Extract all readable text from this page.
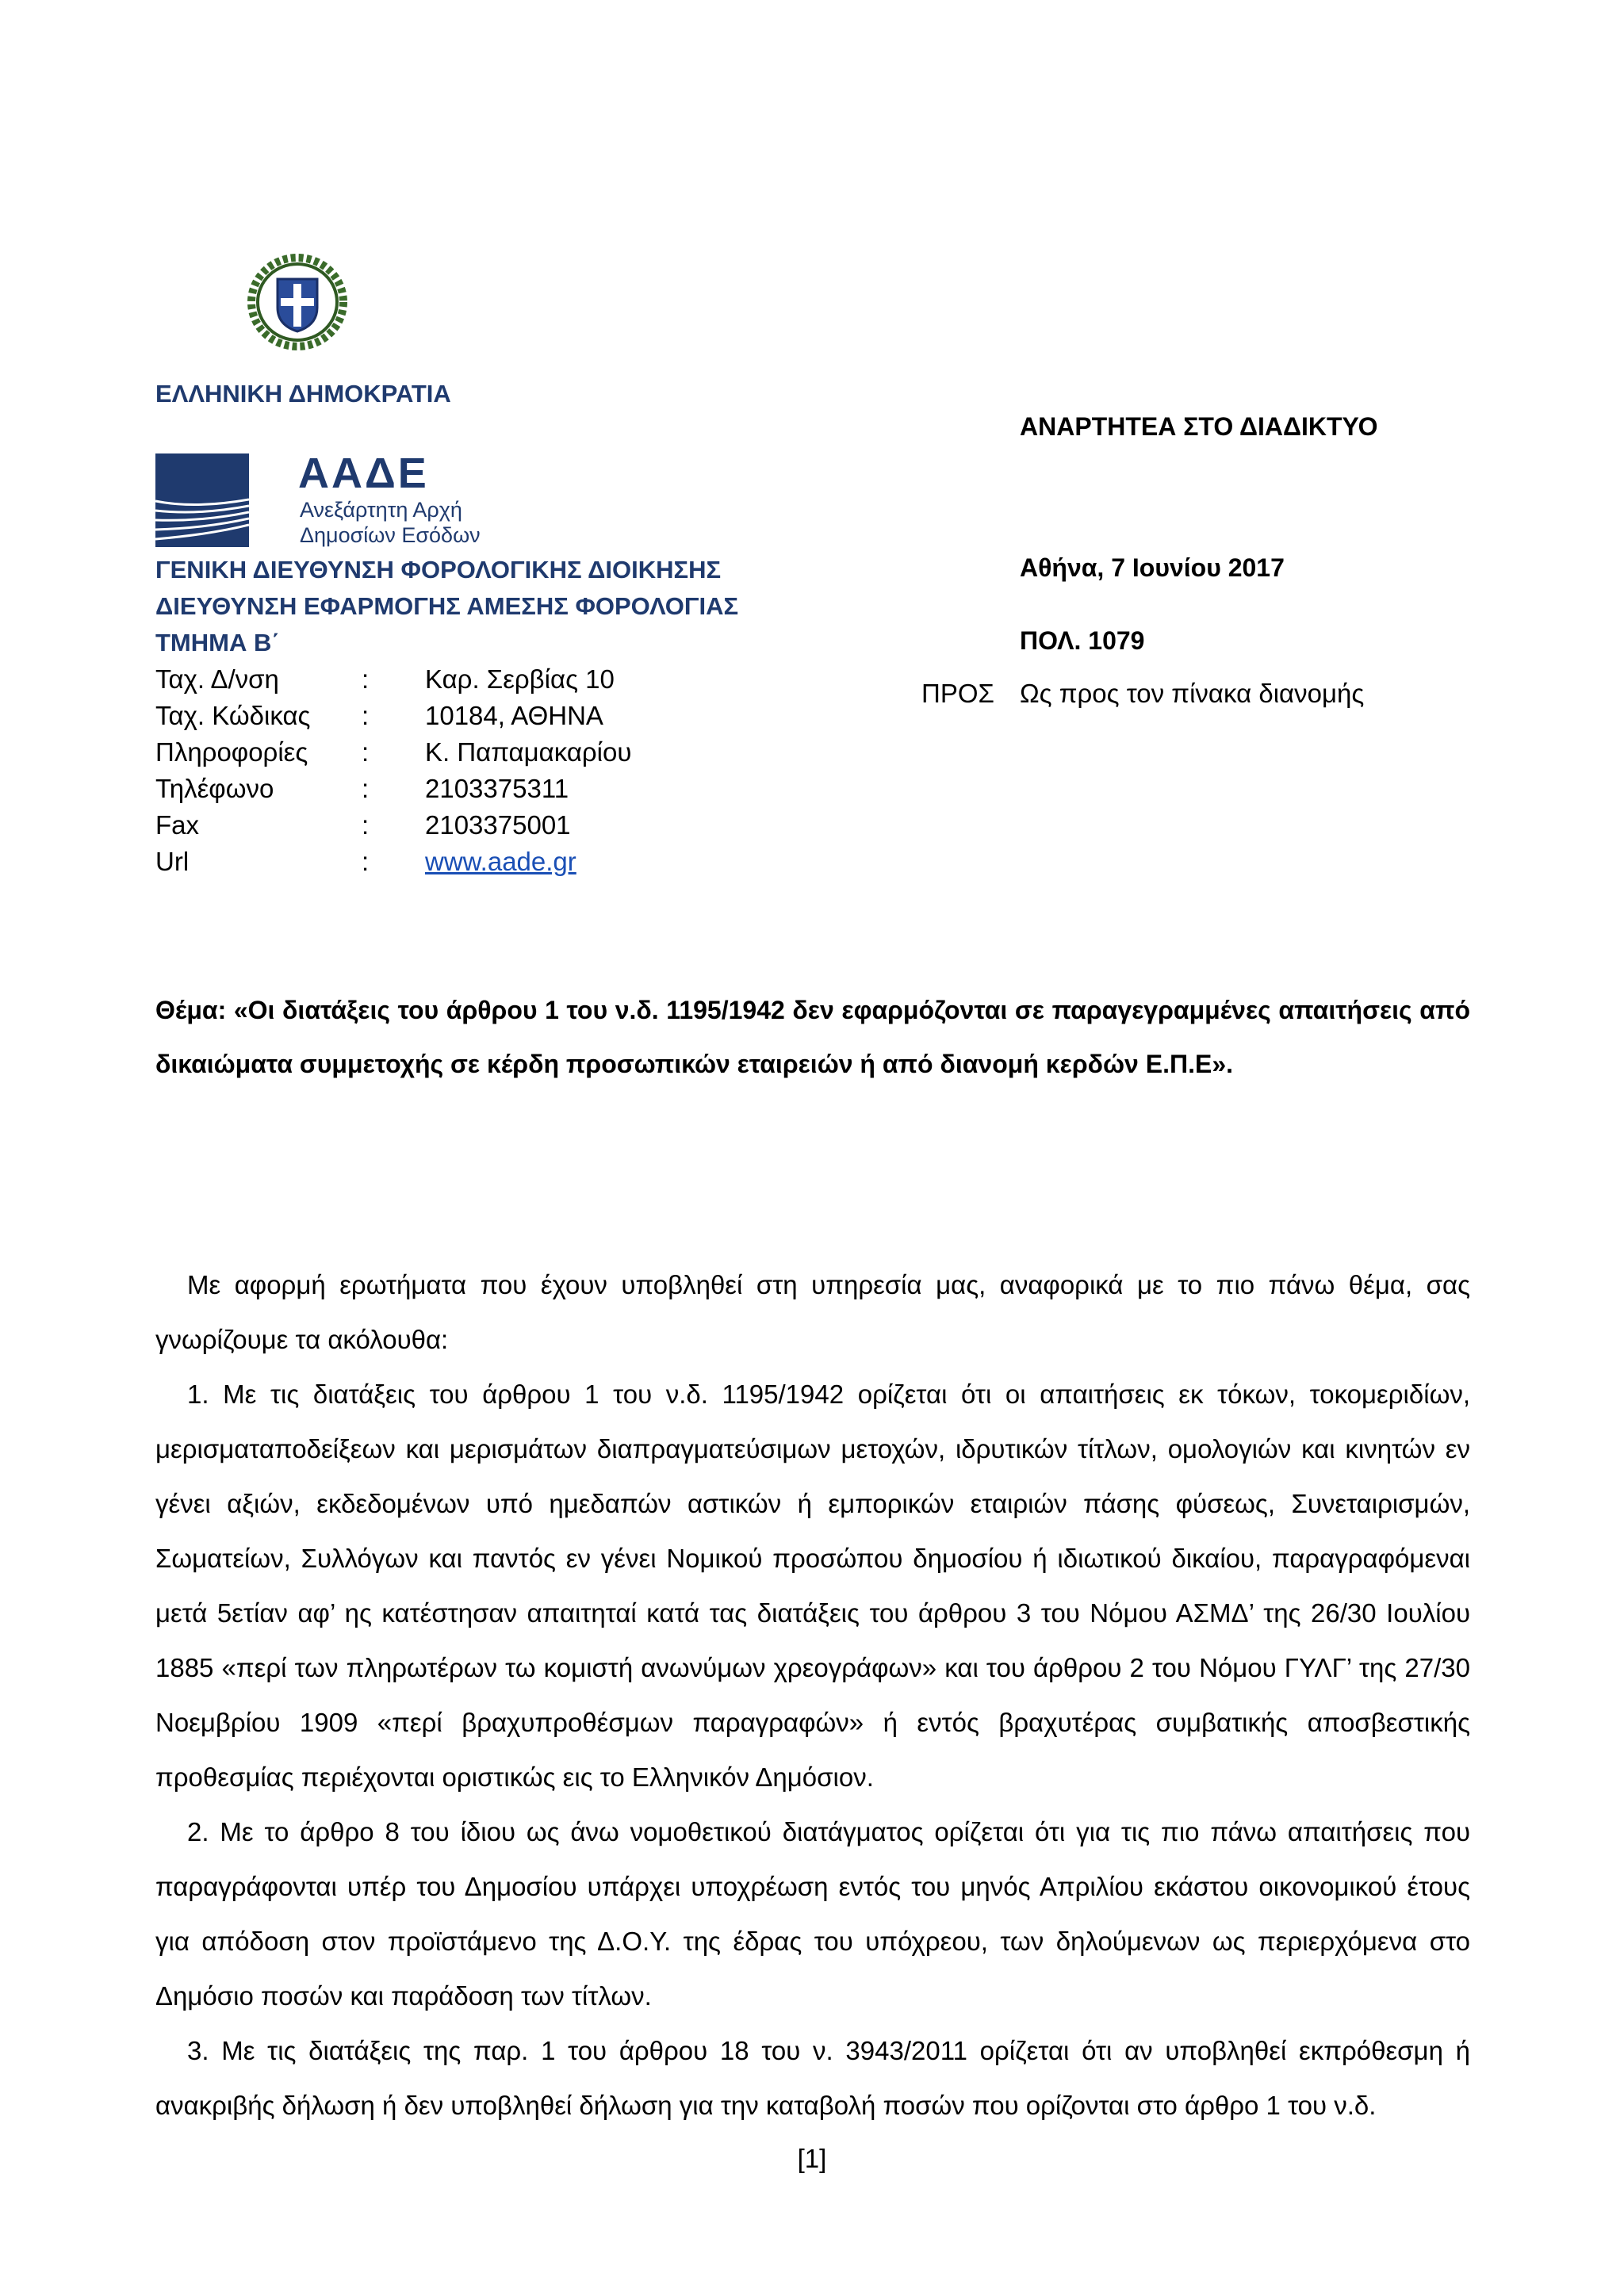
ΕΛΛΗΝΙΚΗ ΔΗΜΟΚΡΑΤΙΑ
ΑΑΔΕ
Ανεξάρτητη Αρχή
Δημοσίων Εσόδων
ΓΕΝΙΚΗ ΔΙΕΥΘΥΝΣΗ ΦΟΡΟΛΟΓΙΚΗΣ ΔΙΟΙΚΗΣΗΣ
ΔΙΕΥΘΥΝΣΗ ΕΦΑΡΜΟΓΗΣ ΑΜΕΣΗΣ ΦΟΡΟΛΟΓΙΑΣ
ΤΜΗΜΑ Β΄
Ταχ. Δ/νση	: Καρ. Σερβίας 10
Ταχ. Κώδικας	: 10184, ΑΘΗΝΑ
Πληροφορίες	: Κ. Παπαμακαρίου
Τηλέφωνο	: 2103375311
Fax	: 2103375001
Url	: www.aade.gr
ΑΝΑΡΤΗΤΕΑ ΣΤΟ ΔΙΑΔΙΚΤΥΟ
Αθήνα, 7 Ιουνίου 2017
ΠΟΛ. 1079
ΠΡΟΣ Ως προς τον πίνακα διανομής
Θέμα: «Οι διατάξεις του άρθρου 1 του ν.δ. 1195/1942 δεν εφαρμόζονται σε παραγεγραμμένες απαιτήσεις από δικαιώματα συμμετοχής σε κέρδη προσωπικών εταιρειών ή από διανομή κερδών Ε.Π.Ε».

Με αφορμή ερωτήματα που έχουν υποβληθεί στη υπηρεσία μας, αναφορικά με το πιο πάνω θέμα, σας γνωρίζουμε τα ακόλουθα:

1. Με τις διατάξεις του άρθρου 1 του ν.δ. 1195/1942 ορίζεται ότι οι απαιτήσεις εκ τόκων, τοκομεριδίων, μερισματαποδείξεων και μερισμάτων διαπραγματεύσιμων μετοχών, ιδρυτικών τίτλων, ομολογιών και κινητών εν γένει αξιών, εκδεδομένων υπό ημεδαπών αστικών ή εμπορικών εταιριών πάσης φύσεως, Συνεταιρισμών, Σωματείων, Συλλόγων και παντός εν γένει Νομικού προσώπου δημοσίου ή ιδιωτικού δικαίου, παραγραφόμεναι μετά 5ετίαν αφ’ ης κατέστησαν απαιτηταί κατά τας διατάξεις του άρθρου 3 του Νόμου ΑΣΜΔ’ της 26/30 Ιουλίου 1885 «περί των πληρωτέρων τω κομιστή ανωνύμων χρεογράφων» και του άρθρου 2 του Νόμου ΓΥΛΓ’ της 27/30 Νοεμβρίου 1909 «περί βραχυπροθέσμων παραγραφών» ή εντός βραχυτέρας συμβατικής αποσβεστικής προθεσμίας περιέχονται οριστικώς εις το Ελληνικόν Δημόσιον.

2. Με το άρθρο 8 του ίδιου ως άνω νομοθετικού διατάγματος ορίζεται ότι για τις πιο πάνω απαιτήσεις που παραγράφονται υπέρ του Δημοσίου υπάρχει υποχρέωση εντός του μηνός Απριλίου εκάστου οικονομικού έτους για απόδοση στον προϊστάμενο της Δ.Ο.Υ. της έδρας του υπόχρεου, των δηλούμενων ως περιερχόμενα στο Δημόσιο ποσών και παράδοση των τίτλων.

3. Με τις διατάξεις της παρ. 1 του άρθρου 18 του ν. 3943/2011 ορίζεται ότι αν υποβληθεί εκπρόθεσμη ή ανακριβής δήλωση ή δεν υποβληθεί δήλωση για την καταβολή ποσών που ορίζονται στο άρθρο 1 του ν.δ.

[1]
